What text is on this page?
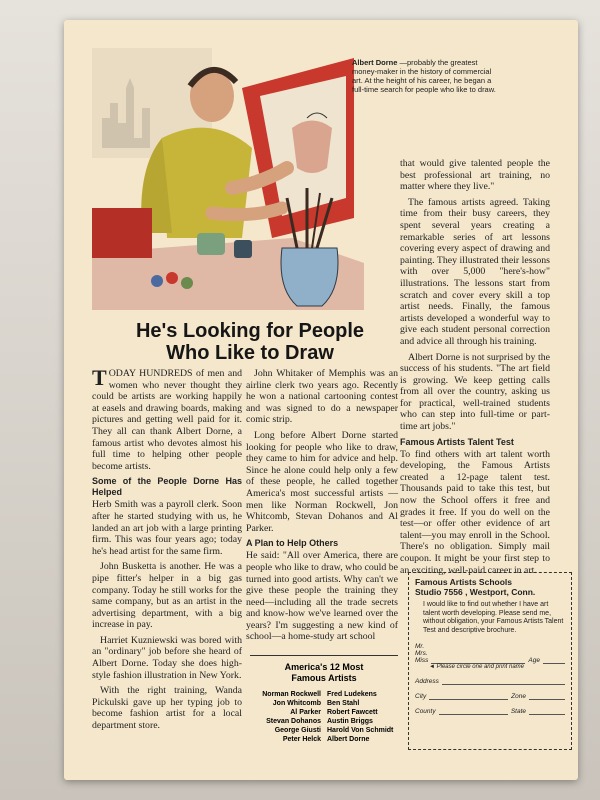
Albert Dorne —probably the greatest money-maker in the history of commercial art. At the height of his career, he began a full-time search for people who like to draw.
He's Looking for People
Who Like to Draw

TODAY HUNDREDS of men and women who never thought they could be artists are working happily at easels and drawing boards, making pictures and getting well paid for it. They all can thank Albert Dorne, a famous artist who devotes almost his full time to helping other people become artists.

Some of the People Dorne Has Helped

Herb Smith was a payroll clerk. Soon after he started studying with us, he landed an art job with a large printing firm. This was four years ago; today he's head artist for the same firm.

John Busketta is another. He was a pipe fitter's helper in a big gas company. Today he still works for the same company, but as an artist in the advertising department, with a big increase in pay.

Harriet Kuzniewski was bored with an "ordinary" job before she heard of Albert Dorne. Today she does high-style fashion illustration in New York.

With the right training, Wanda Pickulski gave up her typing job to become fashion artist for a local department store.

John Whitaker of Memphis was an airline clerk two years ago. Recently he won a national cartooning contest and was signed to do a newspaper comic strip.

Long before Albert Dorne started looking for people who like to draw, they came to him for advice and help. Since he alone could help only a few of these people, he called together America's most successful artists —men like Norman Rockwell, Jon Whitcomb, Stevan Dohanos and Al Parker.

A Plan to Help Others

He said: "All over America, there are people who like to draw, who could be turned into good artists. Why can't we give these people the training they need—including all the trade secrets and know-how we've learned over the years? I'm suggesting a new kind of school—a home-study art school

America's 12 Most
Famous Artists
Norman Rockwell Fred Ludekens
Jon Whitcomb Ben Stahl
Al Parker Robert Fawcett
Stevan Dohanos Austin Briggs
George Giusti Harold Von Schmidt
Peter Helck Albert Dorne

that would give talented people the best professional art training, no matter where they live."

The famous artists agreed. Taking time from their busy careers, they spent several years creating a remarkable series of art lessons covering every aspect of drawing and painting. They illustrated their lessons with over 5,000 "here's-how" illustrations. The lessons start from scratch and cover every skill a top artist needs. Finally, the famous artists developed a wonderful way to give each student personal correction and advice all through his training.

Albert Dorne is not surprised by the success of his students. "The art field is growing. We keep getting calls from all over the country, asking us for practical, well-trained students who can step into full-time or part-time art jobs."

Famous Artists Talent Test

To find others with art talent worth developing, the Famous Artists created a 12-page talent test. Thousands paid to take this test, but now the School offers it free and grades it free. If you do well on the test—or offer other evidence of art talent—you may enroll in the School. There's no obligation. Simply mail coupon. It might be your first step to an exciting, well-paid career in art.

Famous Artists Schools
Studio 7556 , Westport, Conn.
I would like to find out whether I have art talent worth developing. Please send me, without obligation, your Famous Artists Talent Test and descriptive brochure.
Mr.
Mrs.
Miss	Age
◄ Please circle one and print name
Address
City	Zone
County	State
